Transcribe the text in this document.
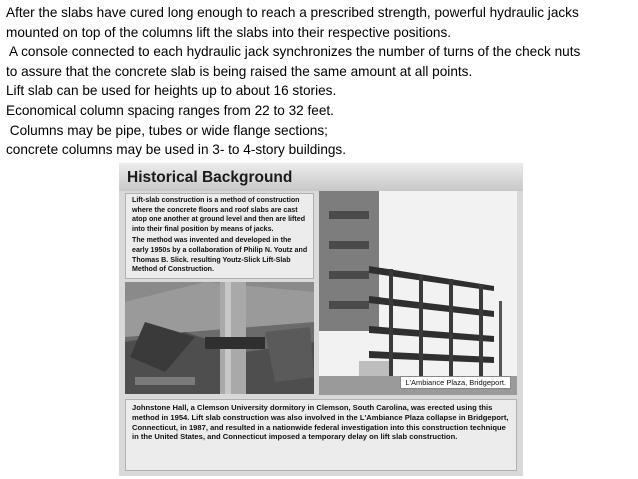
After the slabs have cured long enough to reach a prescribed strength, powerful hydraulic jacks
mounted on top of the columns lift the slabs into their respective positions.
A console connected to each hydraulic jack synchronizes the number of turns of the check nuts
to assure that the concrete slab is being raised the same amount at all points.
Lift slab can be used for heights up to about 16 stories.
Economical column spacing ranges from 22 to 32 feet.
Columns may be pipe, tubes or wide flange sections;
concrete columns may be used in 3- to 4-story buildings.
Historical Background

Lift-slab construction is a method of construction where the concrete floors and roof slabs are cast atop one another at ground level and then are lifted into their final position by means of jacks.

The method was invented and developed in the early 1950s by a collaboration of Philip N. Youtz and Thomas B. Slick. resulting Youtz-Slick Lift-Slab Method of Construction.

L'Ambiance Plaza, Bridgeport.
Johnstone Hall, a Clemson University dormitory in Clemson, South Carolina, was erected using this method in 1954. Lift slab construction was also involved in the L'Ambiance Plaza collapse in Bridgeport, Connecticut, in 1987, and resulted in a nationwide federal investigation into this construction technique in the United States, and Connecticut imposed a temporary delay on lift slab construction.
